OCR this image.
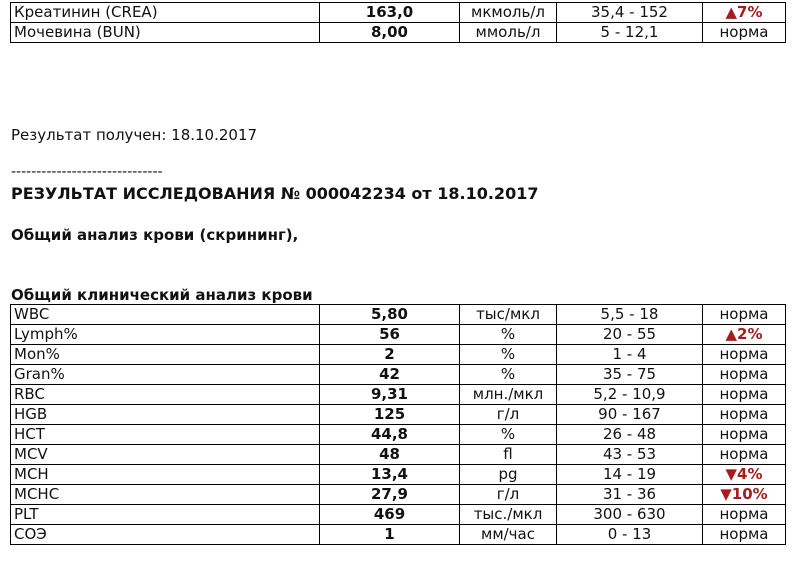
Креатинин (CREA)	163,0	мкмоль/л	35,4 - 152	▲7%
Мочевина (BUN)	8,00	ммоль/л	5 - 12,1	норма
Результат получен: 18.10.2017
------------------------------
РЕЗУЛЬТАТ ИССЛЕДОВАНИЯ № 000042234 от 18.10.2017
Общий анализ крови (скрининг),
Общий клинический анализ крови
WBC	5,80	тыс/мкл	5,5 - 18	норма
Lymph%	56	%	20 - 55	▲2%
Mon%	2	%	1 - 4	норма
Gran%	42	%	35 - 75	норма
RBC	9,31	млн./мкл	5,2 - 10,9	норма
HGB	125	г/л	90 - 167	норма
HCT	44,8	%	26 - 48	норма
MCV	48	fl	43 - 53	норма
MCH	13,4	pg	14 - 19	▼4%
MCHC	27,9	г/л	31 - 36	▼10%
PLT	469	тыс./мкл	300 - 630	норма
СОЭ	1	мм/час	0 - 13	норма
